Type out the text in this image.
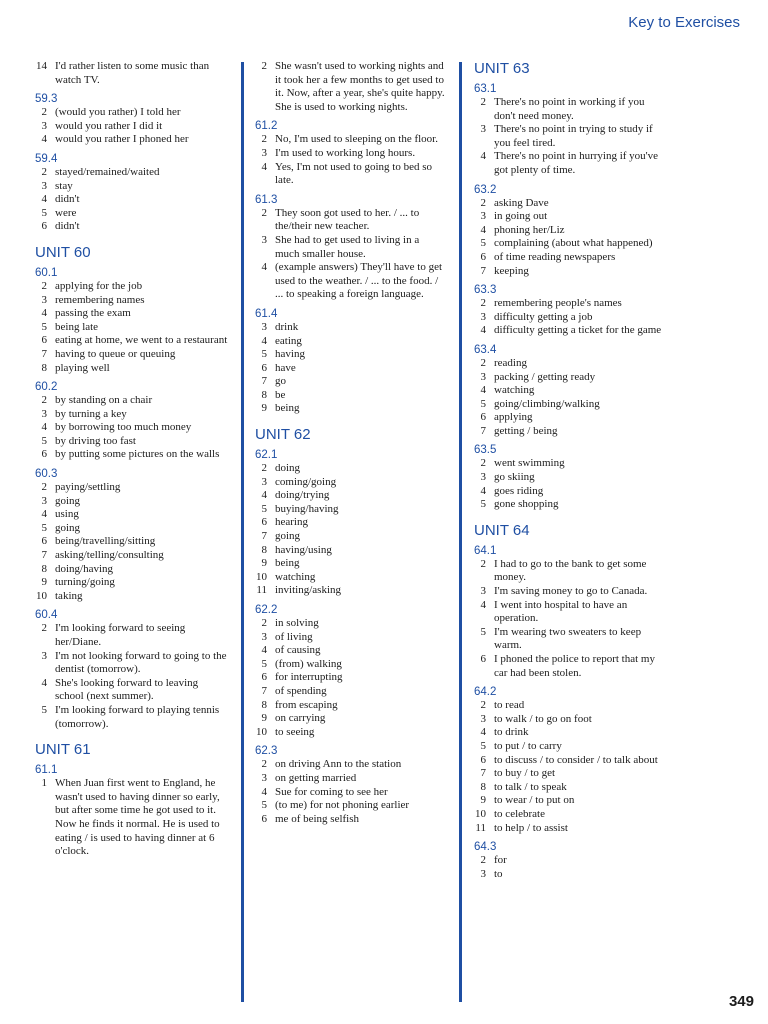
Key to Exercises
14 I'd rather listen to some music than watch TV.
59.3
2 (would you rather) I told her
3 would you rather I did it
4 would you rather I phoned her
59.4
2 stayed/remained/waited
3 stay
4 didn't
5 were
6 didn't
UNIT 60
60.1
2 applying for the job
3 remembering names
4 passing the exam
5 being late
6 eating at home, we went to a restaurant
7 having to queue or queuing
8 playing well
60.2
2 by standing on a chair
3 by turning a key
4 by borrowing too much money
5 by driving too fast
6 by putting some pictures on the walls
60.3
2 paying/settling
3 going
4 using
5 going
6 being/travelling/sitting
7 asking/telling/consulting
8 doing/having
9 turning/going
10 taking
60.4
2 I'm looking forward to seeing her/Diane.
3 I'm not looking forward to going to the dentist (tomorrow).
4 She's looking forward to leaving school (next summer).
5 I'm looking forward to playing tennis (tomorrow).
UNIT 61
61.1
1 When Juan first went to England, he wasn't used to having dinner so early, but after some time he got used to it. Now he finds it normal. He is used to eating / is used to having dinner at 6 o'clock.
2 She wasn't used to working nights and it took her a few months to get used to it. Now, after a year, she's quite happy. She is used to working nights.
61.2
2 No, I'm used to sleeping on the floor.
3 I'm used to working long hours.
4 Yes, I'm not used to going to bed so late.
61.3
2 They soon got used to her. / ... to the/their new teacher.
3 She had to get used to living in a much smaller house.
4 (example answers) They'll have to get used to the weather. / ... to the food. / ... to speaking a foreign language.
61.4
3 drink
4 eating
5 having
6 have
7 go
8 be
9 being
UNIT 62
62.1
2 doing
3 coming/going
4 doing/trying
5 buying/having
6 hearing
7 going
8 having/using
9 being
10 watching
11 inviting/asking
62.2
2 in solving
3 of living
4 of causing
5 (from) walking
6 for interrupting
7 of spending
8 from escaping
9 on carrying
10 to seeing
62.3
2 on driving Ann to the station
3 on getting married
4 Sue for coming to see her
5 (to me) for not phoning earlier
6 me of being selfish
UNIT 63
63.1
2 There's no point in working if you don't need money.
3 There's no point in trying to study if you feel tired.
4 There's no point in hurrying if you've got plenty of time.
63.2
2 asking Dave
3 in going out
4 phoning her/Liz
5 complaining (about what happened)
6 of time reading newspapers
7 keeping
63.3
2 remembering people's names
3 difficulty getting a job
4 difficulty getting a ticket for the game
63.4
2 reading
3 packing / getting ready
4 watching
5 going/climbing/walking
6 applying
7 getting / being
63.5
2 went swimming
3 go skiing
4 goes riding
5 gone shopping
UNIT 64
64.1
2 I had to go to the bank to get some money.
3 I'm saving money to go to Canada.
4 I went into hospital to have an operation.
5 I'm wearing two sweaters to keep warm.
6 I phoned the police to report that my car had been stolen.
64.2
2 to read
3 to walk / to go on foot
4 to drink
5 to put / to carry
6 to discuss / to consider / to talk about
7 to buy / to get
8 to talk / to speak
9 to wear / to put on
10 to celebrate
11 to help / to assist
64.3
2 for
3 to
349
